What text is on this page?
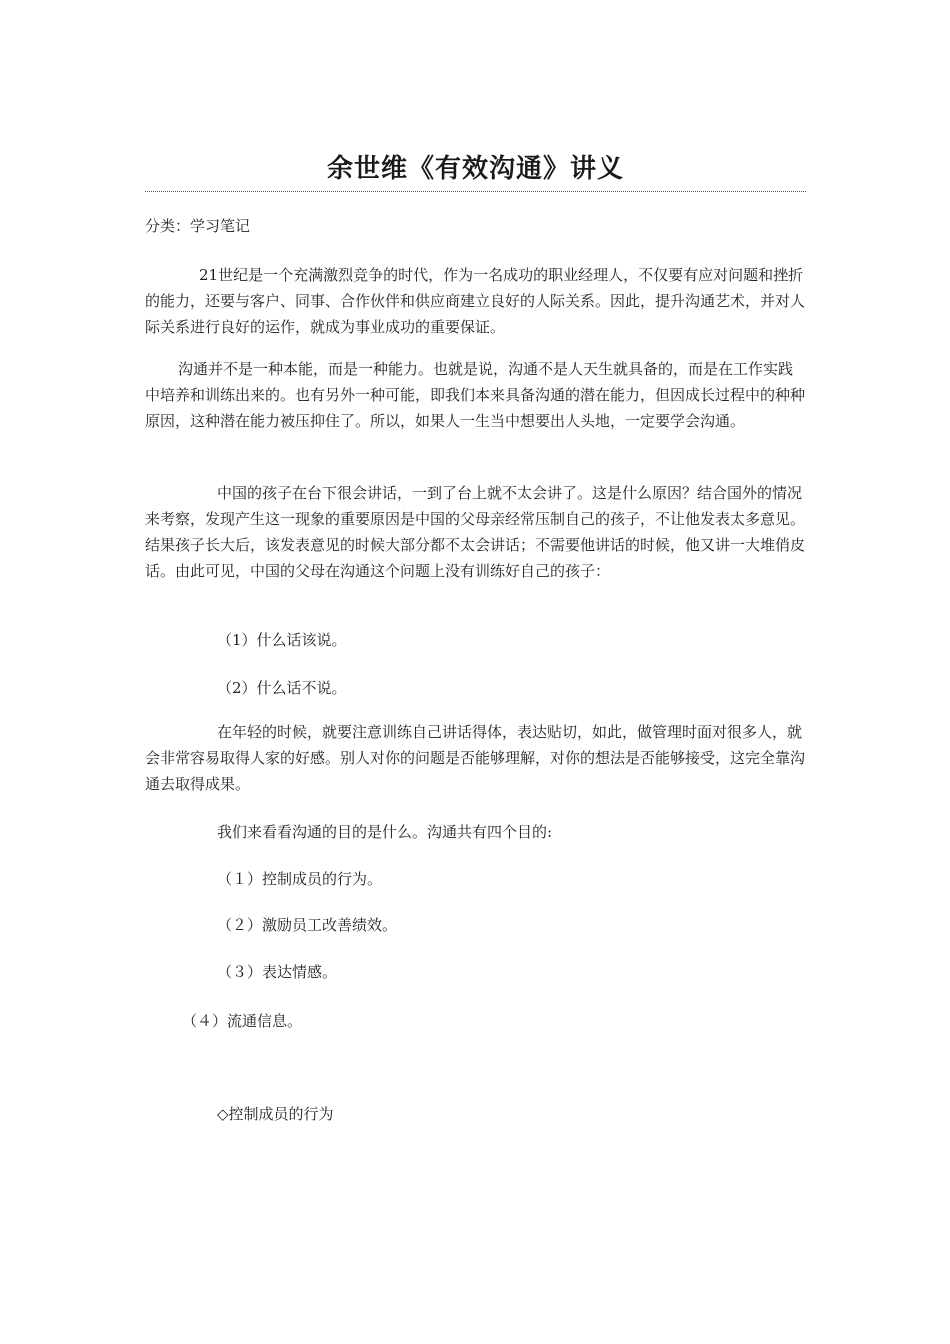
余世维《有效沟通》讲义

分类：学习笔记

21世纪是一个充满激烈竞争的时代，作为一名成功的职业经理人，不仅要有应对问题和挫折的能力，还要与客户、同事、合作伙伴和供应商建立良好的人际关系。因此，提升沟通艺术，并对人际关系进行良好的运作，就成为事业成功的重要保证。

沟通并不是一种本能，而是一种能力。也就是说，沟通不是人天生就具备的，而是在工作实践中培养和训练出来的。也有另外一种可能，即我们本来具备沟通的潜在能力，但因成长过程中的种种原因，这种潜在能力被压抑住了。所以，如果人一生当中想要出人头地，一定要学会沟通。

中国的孩子在台下很会讲话，一到了台上就不太会讲了。这是什么原因？结合国外的情况来考察，发现产生这一现象的重要原因是中国的父母亲经常压制自己的孩子，不让他发表太多意见。结果孩子长大后，该发表意见的时候大部分都不太会讲话；不需要他讲话的时候，他又讲一大堆俏皮话。由此可见，中国的父母在沟通这个问题上没有训练好自己的孩子：

（1）什么话该说。

（2）什么话不说。

在年轻的时候，就要注意训练自己讲话得体，表达贴切，如此，做管理时面对很多人，就会非常容易取得人家的好感。别人对你的问题是否能够理解，对你的想法是否能够接受，这完全靠沟通去取得成果。

我们来看看沟通的目的是什么。沟通共有四个目的:

（１）控制成员的行为。

（２）激励员工改善绩效。

（３）表达情感。

（４）流通信息。

◇控制成员的行为
